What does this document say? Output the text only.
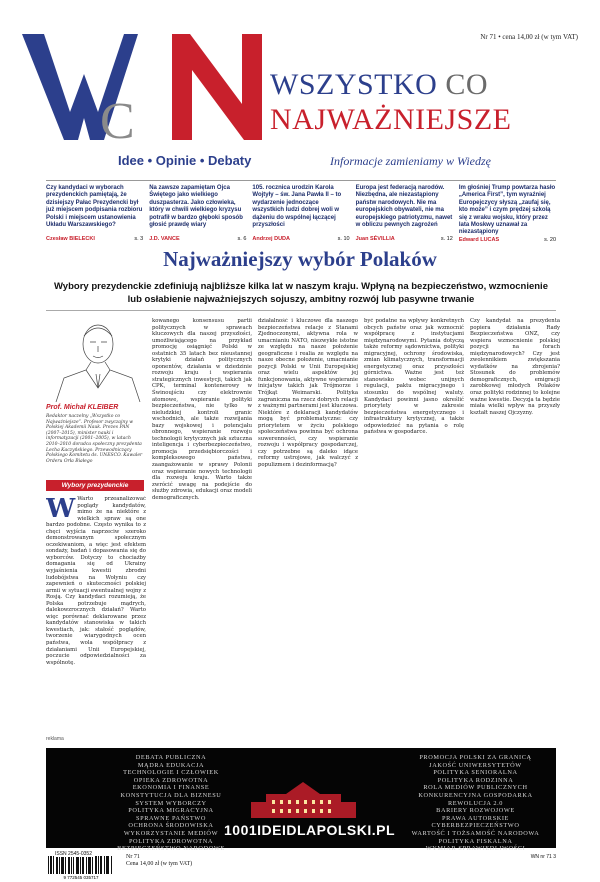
Nr 71 • cena 14,00 zł (w tym VAT)
C
WSZYSTKO CO
NAJWAŻNIEJSZE
Idee • Opinie • Debaty	Informacje zamieniamy w Wiedzę
Czy kandydaci w wyborach prezydenckich pamiętają, że dzisiejszy Pałac Prezydencki był już miejscem podpisania rozbioru Polski i miejscem ustanowienia Układu Warszawskiego?
Czesław BIELECKI	s. 3
Na zawsze zapamiętam Ojca Świętego jako wielkiego duszpasterza. Jako człowieka, który w chwili wielkiego kryzysu potrafił w bardzo głęboki sposób głosić prawdę wiary
J.D. VANCE	s. 6
105. rocznica urodzin Karola Wojtyły – św. Jana Pawła II – to wydarzenie jednoczące wszystkich ludzi dobrej woli w dążeniu do wspólnej łączącej przyszłości
Andrzej DUDA	s. 10
Europa jest federacją narodów. Niezbędna, ale niezastąpiony państw narodowych. Nie ma europejskich obywateli, nie ma europejskiego patriotyzmu, nawet w obliczu pewnych zagrożeń
Juan SÉVILLIA	s. 12
Im głośniej Trump powtarza hasło „America First”, tym wyraźniej Europejczycy słyszą „zaufaj się, kto może” i czym prędzej szkolą się z wraku wojsku, który przez lata Moskwy uznawał za niezastąpiony
Edward LUCAS	s. 20
Najważniejszy wybór Polaków
Wybory prezydenckie zdefiniują najbliższe kilka lat w naszym kraju. Wpłyną na bezpieczeństwo, wzmocnienie lub osłabienie najważniejszych sojuszy, ambitny rozwój lub pasywne trwanie
Prof. Michał KLEIBER
Redaktor naczelny „Wszystko co Najważniejsze”. Profesor zwyczajny w Polskiej Akademii Nauk. Prezes PAN (2007–2015), minister nauki i informatyzacji (2001–2005), w latach 2010–2010 doradca społeczny prezydenta Lecha Kaczyńskiego. Przewodniczący Polskiego Komitetu ds. UNESCO. Kawaler Orderu Orła Białego
Wybory prezydenckie
W Warto przeanalizować poglądy kandydatów, mimo że na niektóre z wielkich spraw są one bardzo podobne. Często wynika to z chęci wyjścia naprzeciw szeroko demonstrowanym społecznym oczekiwaniom, a więc jest efektem sondaży, badań i dopasowania się do wyborców. Dotyczy to chociażby domagania się od Ukrainy wyjaśnienia kwestii zbrodni ludobójstwa na Wołyniu czy zapewnień o skuteczności polskiej armii w sytuacji ewentualnej wojny z Rosją. Czy kandydaci rozumieją, że Polska potrzebuje mądrych, dalekowzrocznych działań? Warto więc porównać deklarowane przez kandydatów stanowiska w takich kwestiach, jak: stałość poglądów, tworzenie wiarygodnych ocen państwa, wola współpracy z działaniami Unii Europejskiej, poczucie odpowiedzialności za wspólnotę.

kowanego konsensusu partii politycznych w sprawach kluczowych dla naszej przyszłości, umożliwiającego na przykład promocję osiągnięć Polski w ostatnich 35 latach bez nieustannej krytyki działań politycznych oponentów, działania w dziedzinie rozwoju kraju i wspierania strategicznych inwestycji, takich jak CPK, terminal kontenerowy w Świnoujściu czy elektrownie atomowe, wspieranie polityki bezpieczeństwa, nie tylko w nieludzkiej kontroli granic wschodnich, ale także rozwijania bazy wojskowej i potencjału obronnego, wspieranie rozwoju technologii krytycznych jak sztuczna inteligencja i cyberbezpieczeństwo, promocja przedsiębiorczości i kompleksowego państwa, zaangażowanie w sprawy Polonii oraz wspieranie nowych technologii dla rozwoju kraju. Warto także zwrócić uwagę na podejście do służby zdrowia, edukacji oraz modeli demograficznych.

działalność i kluczowe dla naszego bezpieczeństwa relacje z Stanami Zjednoczonymi, aktywna rola w umacnianiu NATO, niezwykłe istotne ze względu na nasze położenie geograficzne i realia ze względu na nasze obecne położenie, umacnianie pozycji Polski w Unii Europejskiej oraz wielu aspektów jej funkcjonowania, aktywne wspieranie inicjatyw takich jak Trójmorze i Trójkąt Weimarski. Polityka zagraniczna na rzecz dobrych relacji z ważnymi partnerami jest kluczowa. Niektóre z deklaracji kandydatów mogą być problematyczne: czy priorytetem w życiu polskiego społeczeństwa powinna być ochrona suwerenności, czy wspieranie rozwoju i współpracy gospodarczej, czy potrzebne są daleko idące reformy ustrojowe, jak walczyć z populizmem i dezinformacją?

być podatne na wpływy konkretnych obcych państw oraz jak wzmocnić współpracę z instytucjami międzynarodowymi. Pytania dotyczą także reformy sądownictwa, polityki migracyjnej, ochrony środowiska, zmian klimatycznych, transformacji energetycznej oraz przyszłości górnictwa. Ważne jest też stanowisko wobec unijnych regulacji, paktu migracyjnego i stosunku do wspólnej waluty. Kandydaci powinni jasno określić priorytety w zakresie bezpieczeństwa energetycznego i infrastruktury krytycznej, a także odpowiedzieć na pytania o rolę państwa w gospodarce.

Czy kandydat na prezydenta popiera działania Rady Bezpieczeństwa ONZ, czy wspiera wzmocnienie polskiej pozycji na forach międzynarodowych? Czy jest zwolennikiem zwiększania wydatków na zbrojenia? Stosunek do problemów demograficznych, emigracji zarobkowej młodych Polaków oraz polityki rodzinnej to kolejne ważne kwestie. Decyzja ta będzie miała wielki wpływ na przyszły kształt naszej Ojczyzny.

reklama
DEBATA PUBLICZNA
MĄDRA EDUKACJA
TECHNOLOGIE I CZŁOWIEK
OPIEKA ZDROWOTNA
EKONOMIA I FINANSE
KONSTYTUCJA DLA BIZNESU
SYSTEM WYBORCZY
POLITYKA MIGRACYJNA
SPRAWNE PAŃSTWO
OCHRONA ŚRODOWISKA
WYKORZYSTANIE MEDIÓW
POLITYKA ZDROWOTNA
BEZPIECZEŃSTWO NARODOWE
1001IDEIDLAPOLSKI.PL
PROMOCJA POLSKI ZA GRANICĄ
JAKOŚĆ UNIWERSYTETÓW
POLITYKA SENIORALNA
POLITYKA RODZINNA
ROLA MEDIÓW PUBLICZNYCH
KONKURENCYJNA GOSPODARKA
REWOLUCJA 2.0
BARIERY ROZWOJOWE
PRAWA AUTORSKIE
CYBERBEZPIECZEŃSTWO
WARTOŚĆ I TOŻSAMOŚĆ NARODOWA
POLITYKA FISKALNA
WYMIAR SPRAWIEDLIWOŚCI
9 772545 035717
ISSN 2545-0352	Nr 71
Cena 14,00 zł (w tym VAT)
WN nr 71 3
